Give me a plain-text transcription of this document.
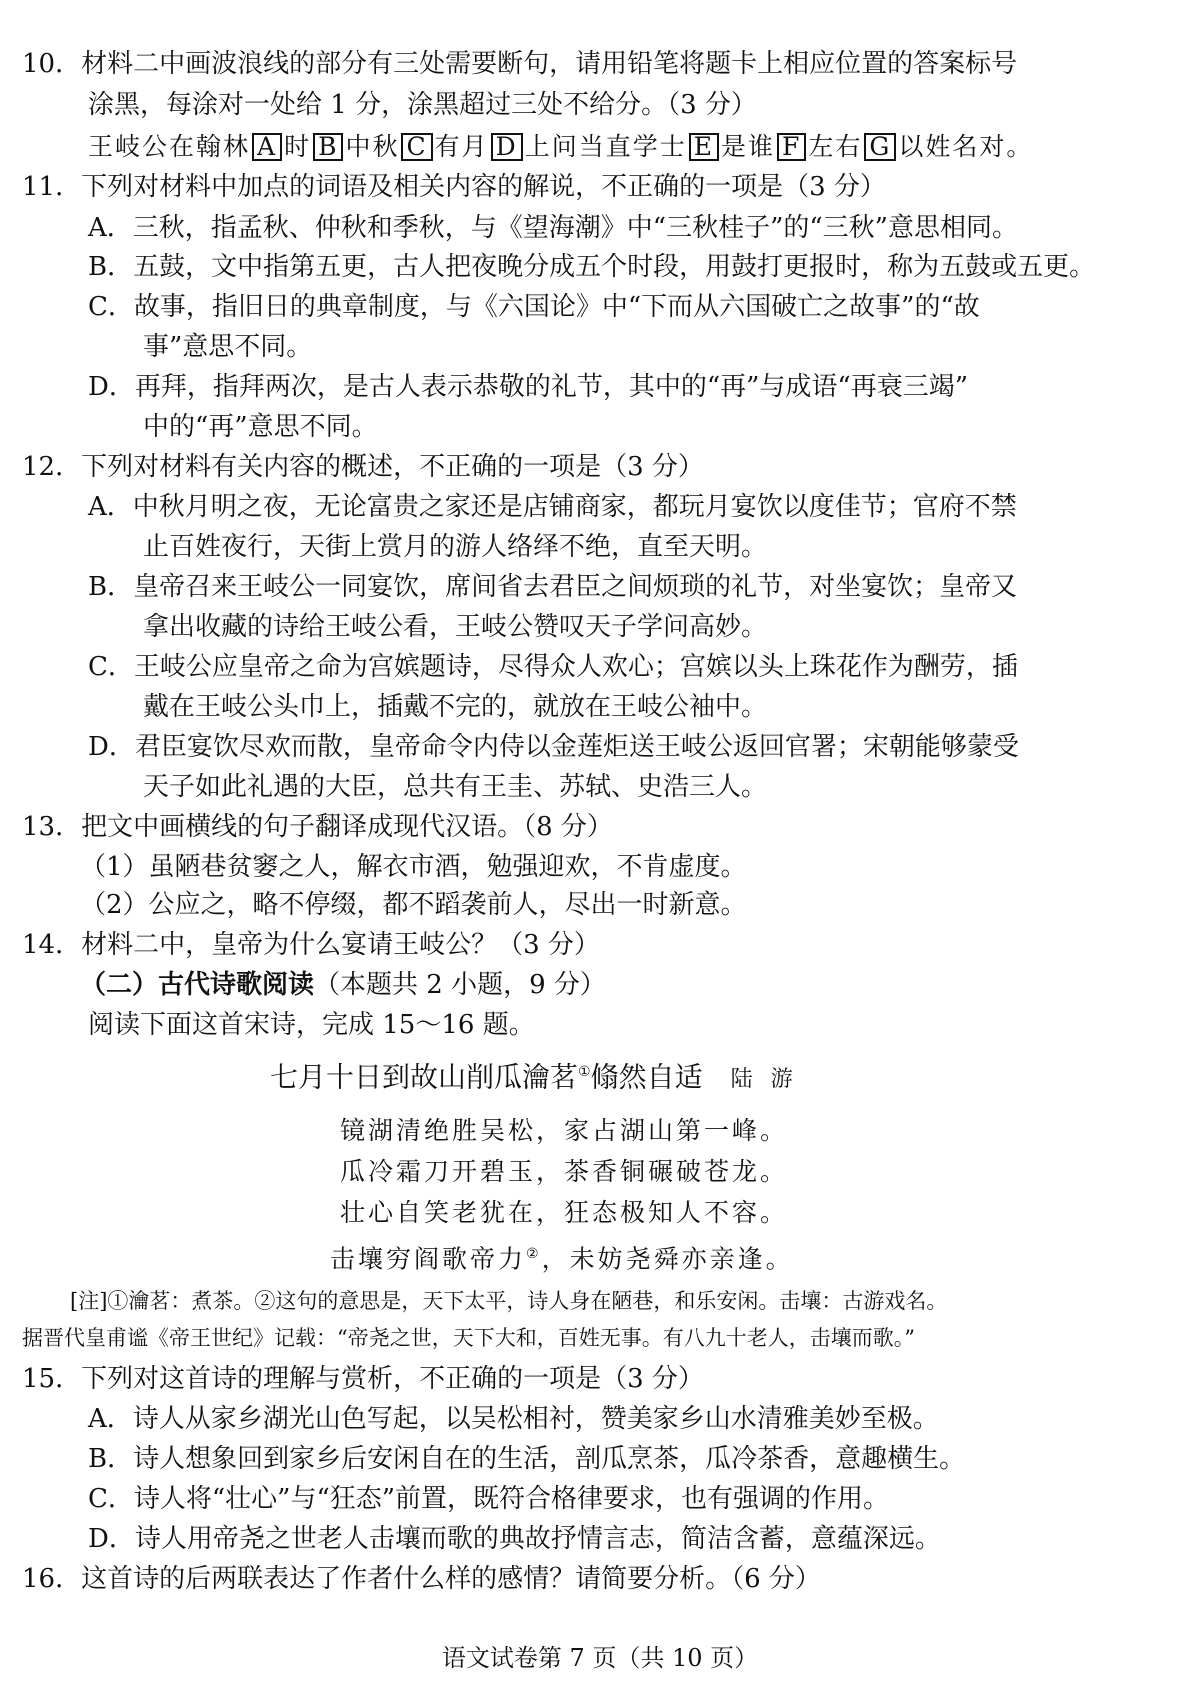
10．材料二中画波浪线的部分有三处需要断句，请用铅笔将题卡上相应位置的答案标号
涂黑，每涂对一处给 1 分，涂黑超过三处不给分。（3 分）
王岐公在翰林 A 时 B 中秋 C 有月 D 上问当直学士 E 是谁 F 左右 G 以姓名对。
11．下列对材料中加点的词语及相关内容的解说，不正确的一项是（3 分）
A．三秋，指孟秋、仲秋和季秋，与《望海潮》中“三秋桂子”的“三秋”意思相同。
B．五鼓，文中指第五更，古人把夜晚分成五个时段，用鼓打更报时，称为五鼓或五更。
C．故事，指旧日的典章制度，与《六国论》中“下而从六国破亡之故事”的“故
事”意思不同。
D．再拜，指拜两次，是古人表示恭敬的礼节，其中的“再”与成语“再衰三竭”
中的“再”意思不同。
12．下列对材料有关内容的概述，不正确的一项是（3 分）
A．中秋月明之夜，无论富贵之家还是店铺商家，都玩月宴饮以度佳节；官府不禁
止百姓夜行，天街上赏月的游人络绎不绝，直至天明。
B．皇帝召来王岐公一同宴饮，席间省去君臣之间烦琐的礼节，对坐宴饮；皇帝又
拿出收藏的诗给王岐公看，王岐公赞叹天子学问高妙。
C．王岐公应皇帝之命为宫嫔题诗，尽得众人欢心；宫嫔以头上珠花作为酬劳，插
戴在王岐公头巾上，插戴不完的，就放在王岐公袖中。
D．君臣宴饮尽欢而散，皇帝命令内侍以金莲炬送王岐公返回官署；宋朝能够蒙受
天子如此礼遇的大臣，总共有王圭、苏轼、史浩三人。
13．把文中画横线的句子翻译成现代汉语。（8 分）
（1）虽陋巷贫窭之人，解衣市酒，勉强迎欢，不肯虚度。
（2）公应之，略不停缀，都不蹈袭前人，尽出一时新意。
14．材料二中，皇帝为什么宴请王岐公？（3 分）
（二）古代诗歌阅读（本题共 2 小题，9 分）
阅读下面这首宋诗，完成 15～16 题。
七月十日到故山削瓜瀹茗①翛然自适 陆游
镜湖清绝胜吴松，家占湖山第一峰。
瓜冷霜刀开碧玉，茶香铜碾破苍龙。
壮心自笑老犹在，狂态极知人不容。
击壤穷阎歌帝力②，未妨尧舜亦亲逢。
[注]①瀹茗：煮茶。②这句的意思是，天下太平，诗人身在陋巷，和乐安闲。击壤：古游戏名。
据晋代皇甫谧《帝王世纪》记载：“帝尧之世，天下大和，百姓无事。有八九十老人，击壤而歌。”
15．下列对这首诗的理解与赏析，不正确的一项是（3 分）
A．诗人从家乡湖光山色写起，以吴松相衬，赞美家乡山水清雅美妙至极。
B．诗人想象回到家乡后安闲自在的生活，剖瓜烹茶，瓜冷茶香，意趣横生。
C．诗人将“壮心”与“狂态”前置，既符合格律要求，也有强调的作用。
D．诗人用帝尧之世老人击壤而歌的典故抒情言志，简洁含蓄，意蕴深远。
16．这首诗的后两联表达了作者什么样的感情？请简要分析。（6 分）
语文试卷第 7 页（共 10 页）
